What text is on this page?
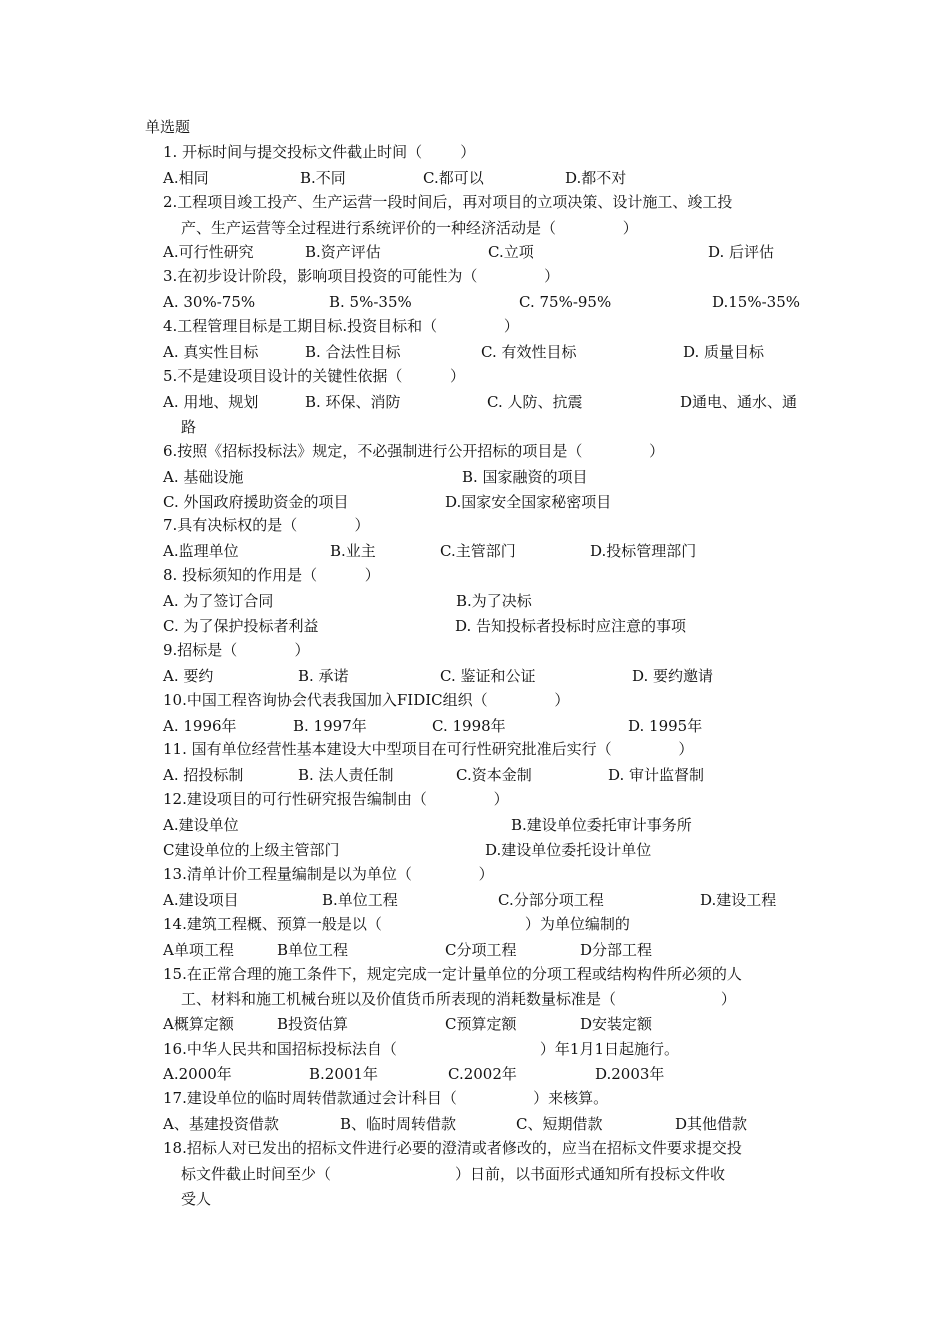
单选题
1. 开标时间与提交投标文件截止时间（        ）
A.相同	B.不同	C.都可以	D.都不对
2.工程项目竣工投产、生产运营一段时间后，再对项目的立项决策、设计施工、竣工投
产、生产运营等全过程进行系统评价的一种经济活动是（              ）
A.可行性研究	B.资产评估	C.立项	D. 后评估
3.在初步设计阶段，影响项目投资的可能性为（              ）
A. 30%-75%	B. 5%-35%	C. 75%-95%	D.15%-35%
4.工程管理目标是工期目标.投资目标和（              ）
A. 真实性目标	B. 合法性目标	C. 有效性目标	D. 质量目标
5.不是建设项目设计的关键性依据（          ）
A. 用地、规划	B. 环保、消防	C. 人防、抗震	D通电、通水、通
路
6.按照《招标投标法》规定，不必强制进行公开招标的项目是（              ）
A. 基础设施	B. 国家融资的项目
C. 外国政府援助资金的项目	D.国家安全国家秘密项目
7.具有决标权的是（            ）
A.监理单位	B.业主	C.主管部门	D.投标管理部门
8. 投标须知的作用是（          ）
A. 为了签订合同	B.为了决标
C. 为了保护投标者利益	D. 告知投标者投标时应注意的事项
9.招标是（            ）
A. 要约	B. 承诺	C. 鉴证和公证	D. 要约邀请
10.中国工程咨询协会代表我国加入FIDIC组织（              ）
A. 1996年	B. 1997年	C. 1998年	D. 1995年
11. 国有单位经营性基本建设大中型项目在可行性研究批准后实行（              ）
A. 招投标制	B. 法人责任制	C.资本金制	D. 审计监督制
12.建设项目的可行性研究报告编制由（              ）
A.建设单位	B.建设单位委托审计事务所
C建设单位的上级主管部门	D.建设单位委托设计单位
13.清单计价工程量编制是以为单位（              ）
A.建设项目	B.单位工程	C.分部分项工程	D.建设工程
14.建筑工程概、预算一般是以（                              ）为单位编制的
A单项工程	B单位工程	C分项工程	D分部工程
15.在正常合理的施工条件下，规定完成一定计量单位的分项工程或结构构件所必须的人
工、材料和施工机械台班以及价值货币所表现的消耗数量标准是（                      ）
A概算定额	B投资估算	C预算定额	D安装定额
16.中华人民共和国招标投标法自（                              ）年1月1日起施行。
A.2000年	B.2001年	C.2002年	D.2003年
17.建设单位的临时周转借款通过会计科目（                ）来核算。
A、基建投资借款	B、临时周转借款	C、短期借款	D其他借款
18.招标人对已发出的招标文件进行必要的澄清或者修改的，应当在招标文件要求提交投
标文件截止时间至少（                          ）日前，以书面形式通知所有投标文件收
受人
